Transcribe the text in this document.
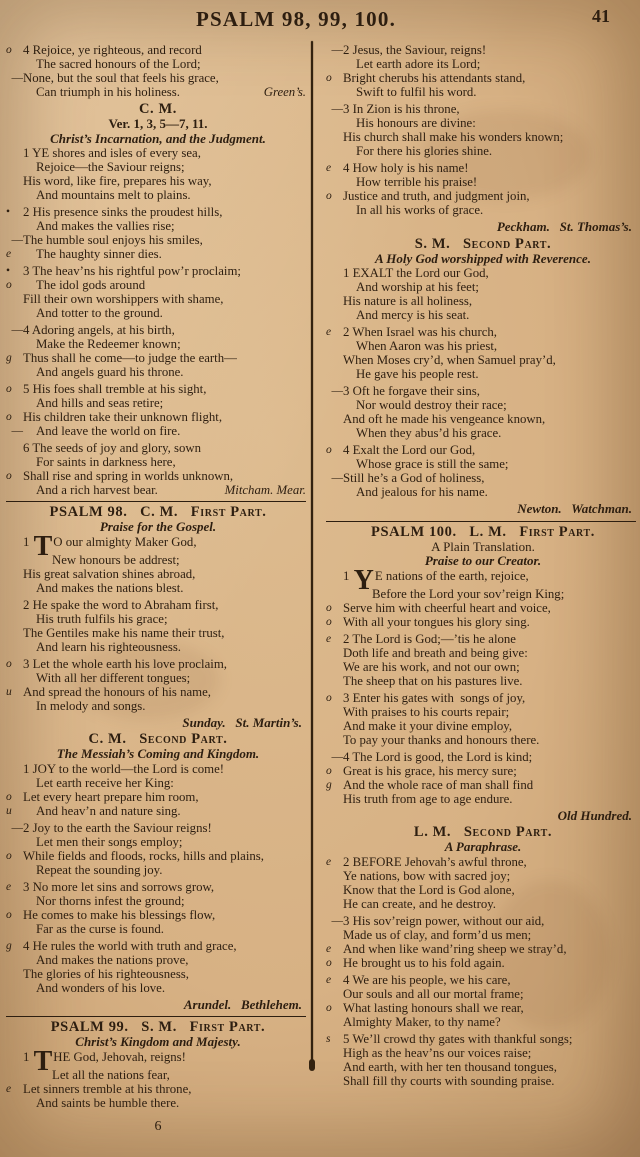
PSALM 98, 99, 100.	41
o 4 Rejoice, ye righteous, and record
The sacred honours of the Lord;
— None, but the soul that feels his grace,
Can triumph in his holiness.	Green’s.
C. M.
Ver. 1, 3, 5—7, 11.
Christ’s Incarnation, and the Judgment.
1 YE shores and isles of every sea,
Rejoice—the Saviour reigns;
His word, like fire, prepares his way,
And mountains melt to plains.
•	2 His presence sinks the proudest hills,
And makes the vallies rise;
— The humble soul enjoys his smiles,
e	The haughty sinner dies.
•	3 The heav’ns his rightful pow’r proclaim;
o	The idol gods around
Fill their own worshippers with shame,
And totter to the ground.
— 4 Adoring angels, at his birth,
Make the Redeemer known;
g Thus shall he come—to judge the earth—
And angels guard his throne.
o 5 His foes shall tremble at his sight,
And hills and seas retire;
o His children take their unknown flight,
— And leave the world on fire.
6 The seeds of joy and glory, sown
For saints in darkness here,
o Shall rise and spring in worlds unknown,
And a rich harvest bear.	Mitcham. Mear.
PSALM 98.   C. M.   First Part.
Praise for the Gospel.
1 TO our almighty Maker God,
New honours be addrest;
His great salvation shines abroad,
And makes the nations blest.
2 He spake the word to Abraham first,
His truth fulfils his grace;
The Gentiles make his name their trust,
And learn his righteousness.
o 3 Let the whole earth his love proclaim,
With all her different tongues;
u And spread the honours of his name,
In melody and songs.
Sunday.   St. Martin’s.
C. M.   Second Part.
The Messiah’s Coming and Kingdom.
1 JOY to the world—the Lord is come!
Let earth receive her King:
o Let every heart prepare him room,
u	And heav’n and nature sing.
— 2 Joy to the earth the Saviour reigns!
Let men their songs employ;
o While fields and floods, rocks, hills and plains,
Repeat the sounding joy.
e 3 No more let sins and sorrows grow,
Nor thorns infest the ground;
o He comes to make his blessings flow,
Far as the curse is found.
g 4 He rules the world with truth and grace,
And makes the nations prove,
The glories of his righteousness,
And wonders of his love.
Arundel.   Bethlehem.
PSALM 99.   S. M.   First Part.
Christ’s Kingdom and Majesty.
1 THE God, Jehovah, reigns!
Let all the nations fear,
e Let sinners tremble at his throne,
And saints be humble there.
6
— 2 Jesus, the Saviour, reigns!
Let earth adore its Lord;
o Bright cherubs his attendants stand,
Swift to fulfil his word.
— 3 In Zion is his throne,
His honours are divine:
His church shall make his wonders known;
For there his glories shine.
e 4 How holy is his name!
How terrible his praise!
o Justice and truth, and judgment join,
In all his works of grace.
Peckham.   St. Thomas’s.
S. M.   Second Part.
A Holy God worshipped with Reverence.
1 EXALT the Lord our God,
And worship at his feet;
His nature is all holiness,
And mercy is his seat.
e 2 When Israel was his church,
When Aaron was his priest,
When Moses cry’d, when Samuel pray’d,
He gave his people rest.
— 3 Oft he forgave their sins,
Nor would destroy their race;
And oft he made his vengeance known,
When they abus’d his grace.
o 4 Exalt the Lord our God,
Whose grace is still the same;
— Still he’s a God of holiness,
And jealous for his name.
Newton.   Watchman.
PSALM 100.   L. M.   First Part.
A Plain Translation.
Praise to our Creator.
1 YE nations of the earth, rejoice,
Before the Lord your sov’reign King;
o Serve him with cheerful heart and voice,
o With all your tongues his glory sing.
e 2 The Lord is God;—’tis he alone
Doth life and breath and being give:
We are his work, and not our own;
The sheep that on his pastures live.
o 3 Enter his gates with  songs of joy,
With praises to his courts repair;
And make it your divine employ,
To pay your thanks and honours there.
— 4 The Lord is good, the Lord is kind;
o Great is his grace, his mercy sure;
g And the whole race of man shall find
His truth from age to age endure.
Old Hundred.
L. M.   Second Part.
A Paraphrase.
e 2 BEFORE Jehovah’s awful throne,
Ye nations, bow with sacred joy;
Know that the Lord is God alone,
He can create, and he destroy.
— 3 His sov’reign power, without our aid,
Made us of clay, and form’d us men;
e And when like wand’ring sheep we stray’d,
o He brought us to his fold again.
e 4 We are his people, we his care,
Our souls and all our mortal frame;
o What lasting honours shall we rear,
Almighty Maker, to thy name?
s 5 We’ll crowd thy gates with thankful songs;
High as the heav’ns our voices raise;
And earth, with her ten thousand tongues,
Shall fill thy courts with sounding praise.
